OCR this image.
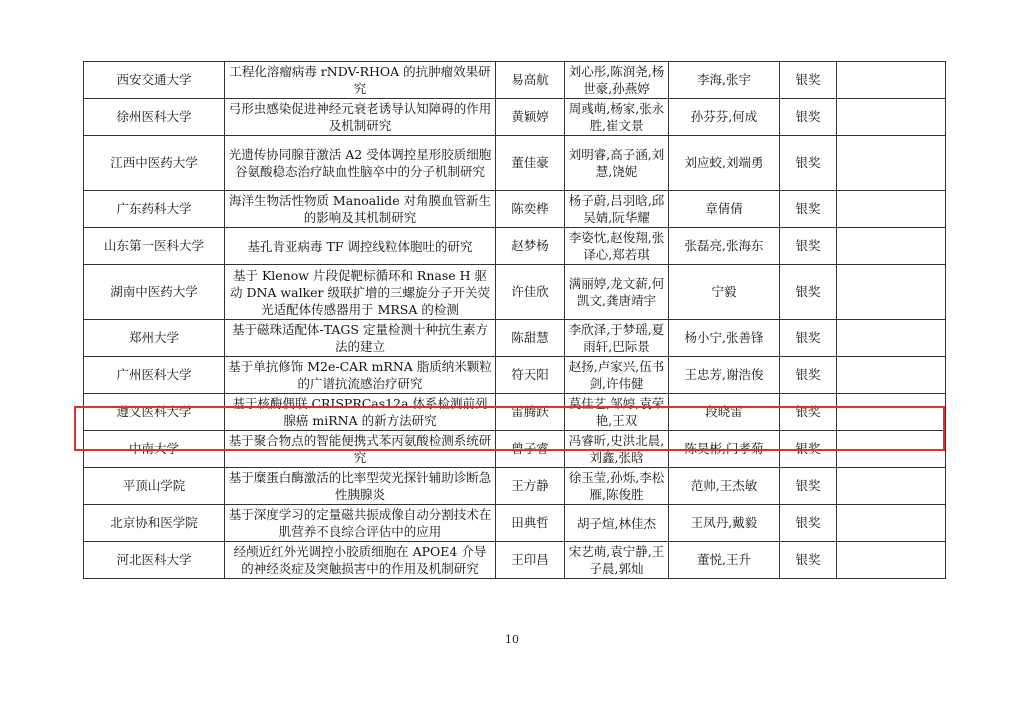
西安交通大学	工程化溶瘤病毒 rNDV-RHOA 的抗肿瘤效果研究	易高航	刘心彤,陈润尧,杨世豪,孙燕婷	李海,张宇	银奖	
徐州医科大学	弓形虫感染促进神经元衰老诱导认知障碍的作用及机制研究	黄颖婷	周彧萌,杨家,张永胜,崔文景	孙芬芬,何成	银奖	
江西中医药大学	光遗传协同腺苷激活 A2 受体调控星形胶质细胞谷氨酸稳态治疗缺血性脑卒中的分子机制研究	董佳豪	刘明睿,高子涵,刘慧,饶妮	刘应蛟,刘端勇	银奖	
广东药科大学	海洋生物活性物质 Manoalide 对角膜血管新生的影响及其机制研究	陈奕桦	杨子蔚,吕羽晗,邱吴婧,阮华耀	章倩倩	银奖	
山东第一医科大学	基孔肯亚病毒 TF 调控线粒体胞吐的研究	赵梦杨	李姿忱,赵俊翔,张译心,郑若琪	张磊亮,张海东	银奖	
湖南中医药大学	基于 Klenow 片段促靶标循环和 Rnase H 驱动 DNA walker 级联扩增的三螺旋分子开关荧光适配体传感器用于 MRSA 的检测	许佳欣	满丽婷,龙文薪,何凯文,龚唐靖宇	宁毅	银奖	
郑州大学	基于磁珠适配体-TAGS 定量检测十种抗生素方法的建立	陈甜慧	李欣泽,于梦瑶,夏雨轩,巴际景	杨小宁,张善锋	银奖	
广州医科大学	基于单抗修饰 M2e-CAR mRNA 脂质纳米颗粒的广谱抗流感治疗研究	符天阳	赵扬,卢家兴,伍书剑,许伟健	王忠芳,谢浩俊	银奖	
遵义医科大学	基于核酶偶联 CRISPRCas12a 体系检测前列腺癌 miRNA 的新方法研究	雷腾跃	莫佳艺,邹婷,袁荣艳,王双	段晓雷	银奖	
中南大学	基于聚合物点的智能便携式苯丙氨酸检测系统研究	曾子睿	冯睿昕,史洪北晨,刘鑫,张晗	陈昊彬,门孝菊	银奖	
平顶山学院	基于糜蛋白酶激活的比率型荧光探针辅助诊断急性胰腺炎	王方静	徐玉莹,孙烁,李松雁,陈俊胜	范帅,王杰敏	银奖	
北京协和医学院	基于深度学习的定量磁共振成像自动分割技术在肌营养不良综合评估中的应用	田典哲	胡子煊,林佳杰	王凤丹,戴毅	银奖	
河北医科大学	经颅近红外光调控小胶质细胞在 APOE4 介导的神经炎症及突触损害中的作用及机制研究	王印昌	宋艺萌,袁宁静,王子晨,郭灿	董悦,王升	银奖	
10
